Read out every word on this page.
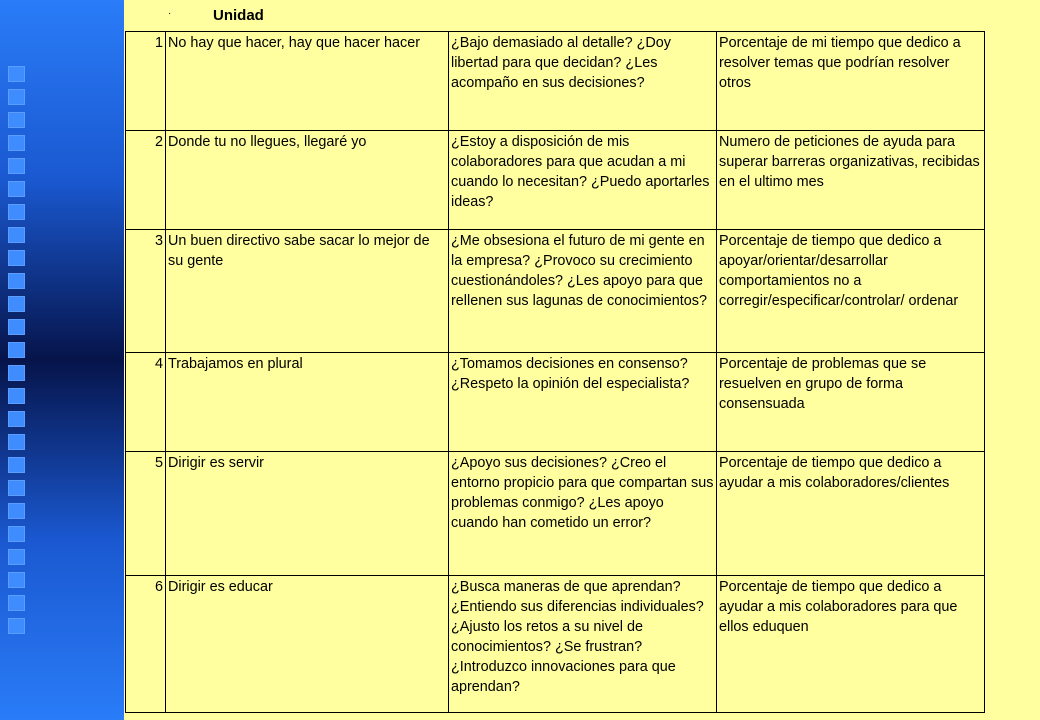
·	Unidad
1	No hay que hacer, hay que hacer hacer	¿Bajo demasiado al detalle? ¿Doy libertad para que decidan? ¿Les acompaño en sus decisiones?	Porcentaje de mi tiempo que dedico a resolver temas que podrían resolver otros
2	Donde tu no llegues, llegaré yo	¿Estoy a disposición de mis colaboradores para que acudan a mi cuando lo necesitan? ¿Puedo aportarles ideas?	Numero de peticiones de ayuda para superar barreras organizativas, recibidas en el ultimo mes
3	Un buen directivo sabe sacar lo mejor de su gente	¿Me obsesiona el futuro de mi gente en la empresa? ¿Provoco su crecimiento cuestionándoles? ¿Les apoyo para que rellenen sus lagunas de conocimientos?	Porcentaje de tiempo que dedico a apoyar/orientar/desarrollar comportamientos no a corregir/especificar/controlar/ ordenar
4	Trabajamos en plural	¿Tomamos decisiones en consenso? ¿Respeto la opinión del especialista?	Porcentaje de problemas que se resuelven en grupo de forma consensuada
5	Dirigir es servir	¿Apoyo sus decisiones? ¿Creo el entorno propicio para que compartan sus problemas conmigo? ¿Les apoyo cuando han cometido un error?	Porcentaje de tiempo que dedico a ayudar a mis colaboradores/clientes
6	Dirigir es educar	¿Busca maneras de que aprendan? ¿Entiendo sus diferencias individuales? ¿Ajusto los retos a su nivel de conocimientos? ¿Se frustran? ¿Introduzco innovaciones para que aprendan?	Porcentaje de tiempo que dedico a ayudar a mis colaboradores para que ellos eduquen
